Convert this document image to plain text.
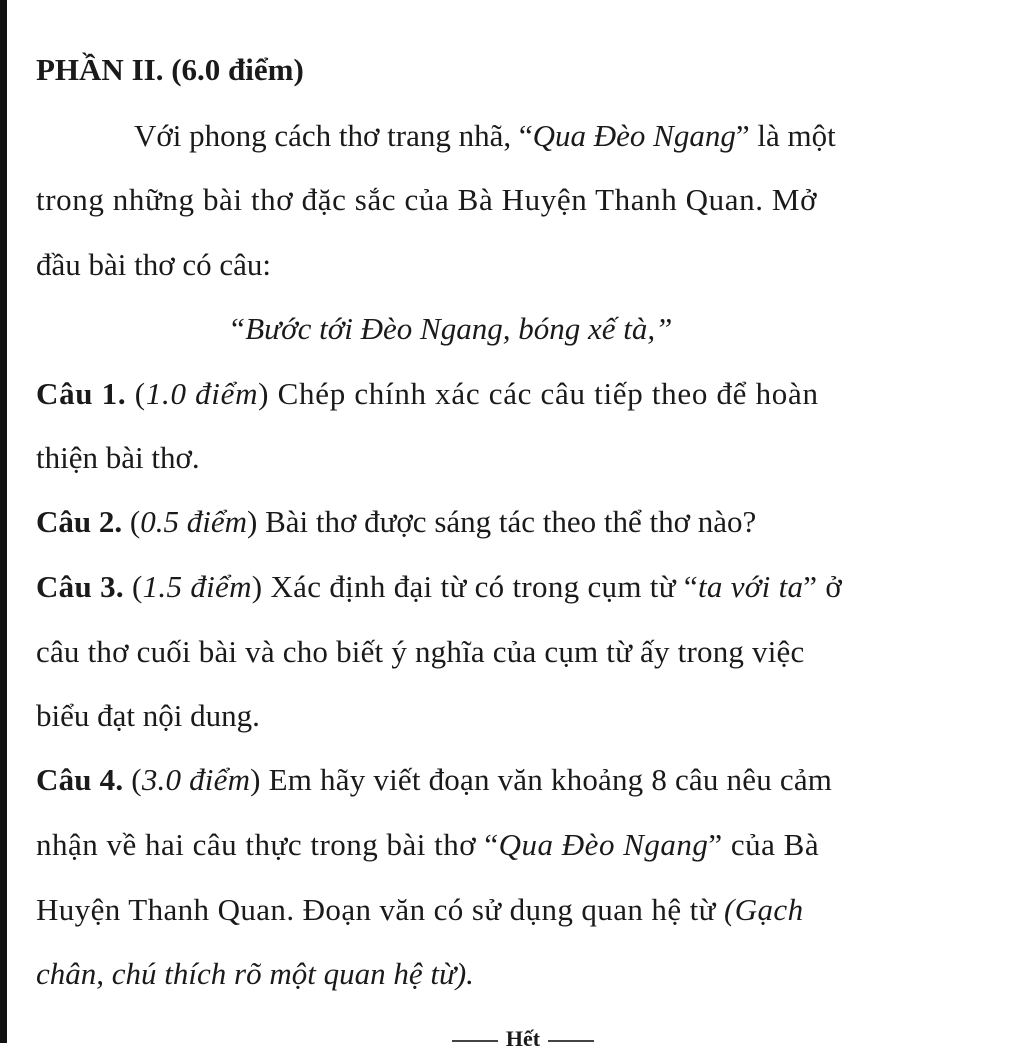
PHẦN II. (6.0 điểm)
Với phong cách thơ trang nhã, “Qua Đèo Ngang” là một
trong những bài thơ đặc sắc của Bà Huyện Thanh Quan. Mở
đầu bài thơ có câu:
“Bước tới Đèo Ngang, bóng xế tà,”
Câu 1. (1.0 điểm) Chép chính xác các câu tiếp theo để hoàn
thiện bài thơ.
Câu 2. (0.5 điểm) Bài thơ được sáng tác theo thể thơ nào?
Câu 3. (1.5 điểm) Xác định đại từ có trong cụm từ “ta với ta” ở
câu thơ cuối bài và cho biết ý nghĩa của cụm từ ấy trong việc
biểu đạt nội dung.
Câu 4. (3.0 điểm) Em hãy viết đoạn văn khoảng 8 câu nêu cảm
nhận về hai câu thực trong bài thơ “Qua Đèo Ngang” của Bà
Huyện Thanh Quan. Đoạn văn có sử dụng quan hệ từ (Gạch
chân, chú thích rõ một quan hệ từ).
Hết
